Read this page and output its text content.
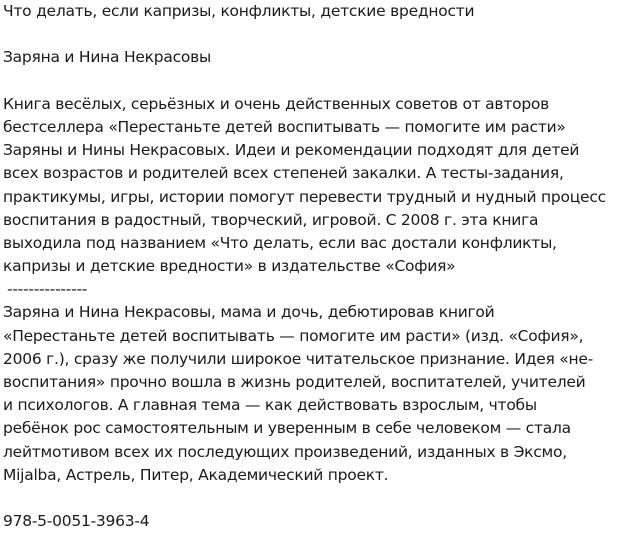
Что делать, если капризы, конфликты, детские вредности
Заряна и Нина Некрасовы
Книга весёлых, серьёзных и очень действенных советов от авторов
бестселлера «Перестаньте детей воспитывать — помогите им расти»
Заряны и Нины Некрасовых. Идеи и рекомендации подходят для детей
всех возрастов и родителей всех степеней закалки. А тесты-задания,
практикумы, игры, истории помогут перевести трудный и нудный процесс
воспитания в радостный, творческий, игровой. С 2008 г. эта книга
выходила под названием «Что делать, если вас достали конфликты,
капризы и детские вредности» в издательстве «София»
---------------
Заряна и Нина Некрасовы, мама и дочь, дебютировав книгой
«Перестаньте детей воспитывать — помогите им расти» (изд. «София»,
2006 г.), сразу же получили широкое читательское признание. Идея «не-
воспитания» прочно вошла в жизнь родителей, воспитателей, учителей
и психологов. А главная тема — как действовать взрослым, чтобы
ребёнок рос самостоятельным и уверенным в себе человеком — стала
лейтмотивом всех их последующих произведений, изданных в Эксмо,
Mijalba, Астрель, Питер, Академический проект.
978-5-0051-3963-4
